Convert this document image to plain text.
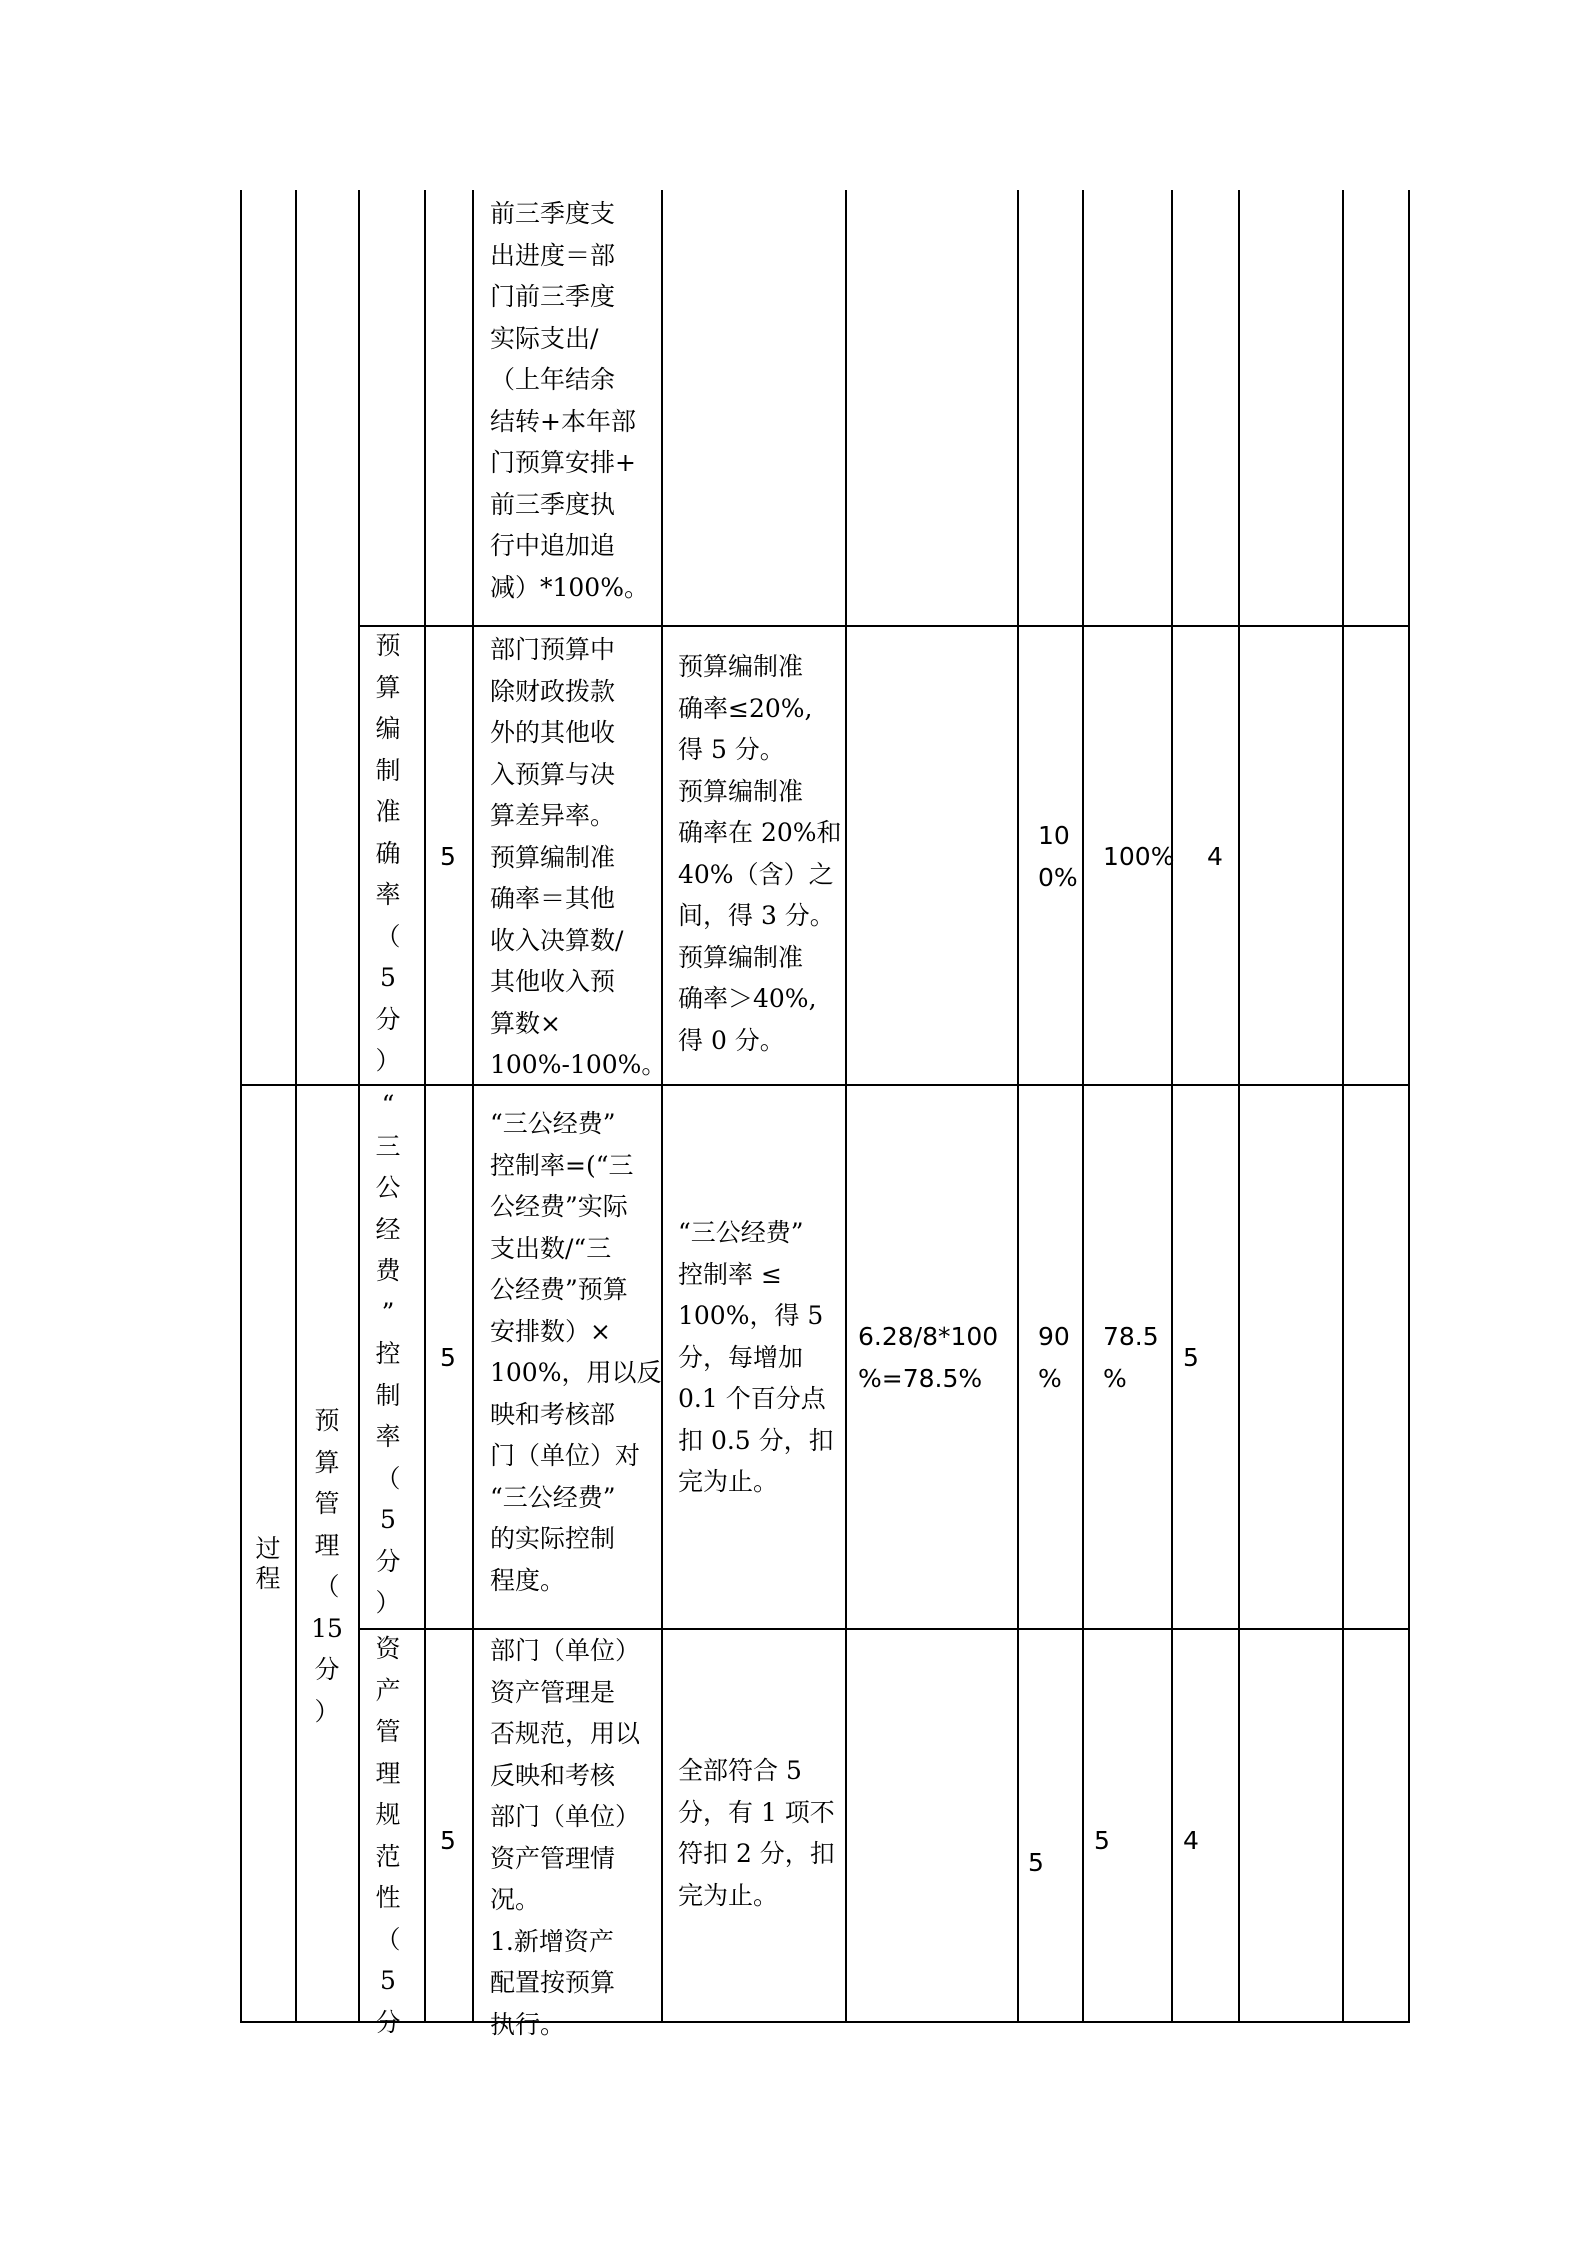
前三季度支
出进度＝部
门前三季度
实际支出/
（上年结余
结转+本年部
门预算安排+
前三季度执
行中追加追
减）*100%。
预
算
编
制
准
确
率
（
5
分
）
5
部门预算中
除财政拨款
外的其他收
入预算与决
算差异率。
预算编制准
确率＝其他
收入决算数/
其他收入预
算数×
100%-100%。
预算编制准
确率≤20%,
得 5 分。
预算编制准
确率在 20%和
40%（含）之
间，得 3 分。
预算编制准
确率＞40%,
得 0 分。
10
0%
100% 4
过
程
预
算
管
理
（
15
分
）
“
三
公
经
费
”
控
制
率
（
5
分
）
5
“三公经费”
控制率=(“三
公经费”实际
支出数/“三
公经费”预算
安排数）×
100%，用以反
映和考核部
门（单位）对
“三公经费”
的实际控制
程度。
“三公经费”
控制率 ≤
100%，得 5
分，每增加
0.1 个百分点
扣 0.5 分，扣
完为止。
6.28/8*100
%=78.5%
90
%
78.5
%
5
资
产
管
理
规
范
性
（
5
分
5
部门（单位）
资产管理是
否规范，用以
反映和考核
部门（单位）
资产管理情
况。
1.新增资产
配置按预算
执行。
全部符合 5
分，有 1 项不
符扣 2 分，扣
完为止。
5
5	4
